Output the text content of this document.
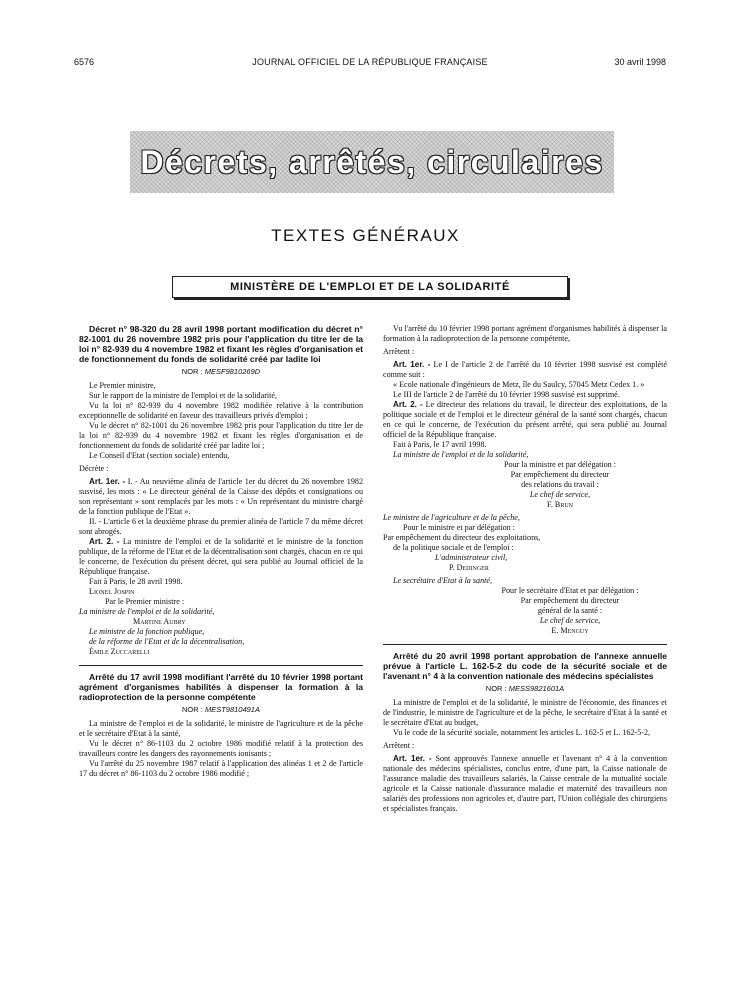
6576	JOURNAL OFFICIEL DE LA RÉPUBLIQUE FRANÇAISE	30 avril 1998
Décrets, arrêtés, circulaires
TEXTES GÉNÉRAUX
MINISTÈRE DE L'EMPLOI ET DE LA SOLIDARITÉ

Décret n° 98-320 du 28 avril 1998 portant modification du décret n° 82-1001 du 26 novembre 1982 pris pour l'application du titre Ier de la loi n° 82-939 du 4 novembre 1982 et fixant les règles d'organisation et de fonctionnement du fonds de solidarité créé par ladite loi

NOR : MESF9810269D

Le Premier ministre,

Sur le rapport de la ministre de l'emploi et de la solidarité,

Vu la loi n° 82-939 du 4 novembre 1982 modifiée relative à la contribution exceptionnelle de solidarité en faveur des travailleurs privés d'emploi ;

Vu le décret n° 82-1001 du 26 novembre 1982 pris pour l'application du titre Ier de la loi n° 82-939 du 4 novembre 1982 et fixant les règles d'organisation et de fonctionnement du fonds de solidarité créé par ladite loi ;

Le Conseil d'Etat (section sociale) entendu,

Décrète :

Art. 1er. - I. - Au neuvième alinéa de l'article 1er du décret du 26 novembre 1982 susvisé, les mots : « Le directeur général de la Caisse des dépôts et consignations ou son représentant » sont remplacés par les mots : « Un représentant du ministre chargé de la fonction publique de l'Etat ».

II. - L'article 6 et la deuxième phrase du premier alinéa de l'article 7 du même décret sont abrogés.

Art. 2. - La ministre de l'emploi et de la solidarité et le ministre de la fonction publique, de la réforme de l'Etat et de la décentralisation sont chargés, chacun en ce qui le concerne, de l'exécution du présent décret, qui sera publié au Journal officiel de la République française.

Fait à Paris, le 28 avril 1998.

Lionel Jospin

Par le Premier ministre :

La ministre de l'emploi et de la solidarité,

Martine Aubry

Le ministre de la fonction publique,

de la réforme de l'Etat et de la décentralisation,

Émile Zuccarelli

Arrêté du 17 avril 1998 modifiant l'arrêté du 10 février 1998 portant agrément d'organismes habilités à dispenser la formation à la radioprotection de la personne compétente

NOR : MEST9810491A

La ministre de l'emploi et de la solidarité, le ministre de l'agriculture et de la pêche et le secrétaire d'Etat à la santé,

Vu le décret n° 86-1103 du 2 octobre 1986 modifié relatif à la protection des travailleurs contre les dangers des rayonnements ionisants ;

Vu l'arrêté du 25 novembre 1987 relatif à l'application des alinéas 1 et 2 de l'article 17 du décret n° 86-1103 du 2 octobre 1986 modifié ;

Vu l'arrêté du 10 février 1998 portant agrément d'organismes habilités à dispenser la formation à la radioprotection de la personne compétente,

Arrêtent :

Art. 1er. - Le I de l'article 2 de l'arrêté du 10 février 1998 susvisé est complété comme suit :

« Ecole nationale d'ingénieurs de Metz, île du Saulcy, 57045 Metz Cedex 1. »

Le III de l'article 2 de l'arrêté du 10 février 1998 susvisé est supprimé.

Art. 2. - Le directeur des relations du travail, le directeur des exploitations, de la politique sociale et de l'emploi et le directeur général de la santé sont chargés, chacun en ce qui le concerne, de l'exécution du présent arrêté, qui sera publié au Journal officiel de la République française.

Fait à Paris, le 17 avril 1998.

La ministre de l'emploi et de la solidarité,

Pour la ministre et par délégation :

Par empêchement du directeur

des relations du travail :

Le chef de service,

F. Brun

Le ministre de l'agriculture et de la pêche,

Pour le ministre et par délégation :

Par empêchement du directeur des exploitations,

de la politique sociale et de l'emploi :

L'administrateur civil,

P. Dedinger

Le secrétaire d'Etat à la santé,

Pour le secrétaire d'Etat et par délégation :

Par empêchement du directeur

général de la santé :

Le chef de service,

E. Menguy

Arrêté du 20 avril 1998 portant approbation de l'annexe annuelle prévue à l'article L. 162-5-2 du code de la sécurité sociale et de l'avenant n° 4 à la convention nationale des médecins spécialistes

NOR : MESS9821601A

La ministre de l'emploi et de la solidarité, le ministre de l'économie, des finances et de l'industrie, le ministre de l'agriculture et de la pêche, le secrétaire d'Etat à la santé et le secrétaire d'Etat au budget,

Vu le code de la sécurité sociale, notamment les articles L. 162-5 et L. 162-5-2,

Arrêtent :

Art. 1er. - Sont approuvés l'annexe annuelle et l'avenant n° 4 à la convention nationale des médecins spécialistes, conclus entre, d'une part, la Caisse nationale de l'assurance maladie des travailleurs salariés, la Caisse centrale de la mutualité sociale agricole et la Caisse nationale d'assurance maladie et maternité des travailleurs non salariés des professions non agricoles et, d'autre part, l'Union collégiale des chirurgiens et spécialistes français.
